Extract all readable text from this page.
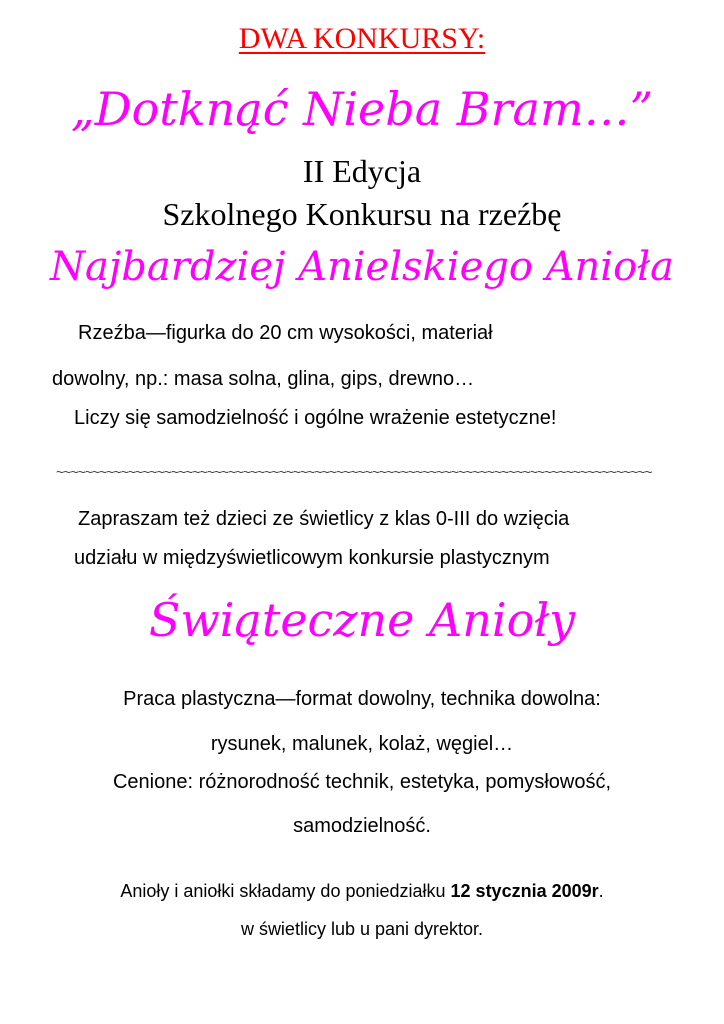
DWA KONKURSY:

„Dotknąć Nieba Bram…”

II Edycja

Szkolnego Konkursu na rzeźbę

Najbardziej Anielskiego Anioła

Rzeźba—figurka do 20 cm wysokości, materiał

dowolny, np.: masa solna, glina, gips, drewno…

Liczy się samodzielność i ogólne wrażenie estetyczne!

~~~~~~~~~~~~~~~~~~~~~~~~~~~~~~~~~~~~~~~~~~~~~~~~~~~~~~~~~~~~~~~~~~~~~~~~~~~~~~~~~~~

Zapraszam też dzieci ze świetlicy z klas 0-III do wzięcia

udziału w międzyświetlicowym konkursie plastycznym

Świąteczne Anioły

Praca plastyczna—format dowolny, technika dowolna:

rysunek, malunek, kolaż, węgiel…

Cenione: różnorodność technik, estetyka, pomysłowość,

samodzielność.

Anioły i aniołki składamy do poniedziałku 12 stycznia 2009r.

w świetlicy lub u pani dyrektor.
